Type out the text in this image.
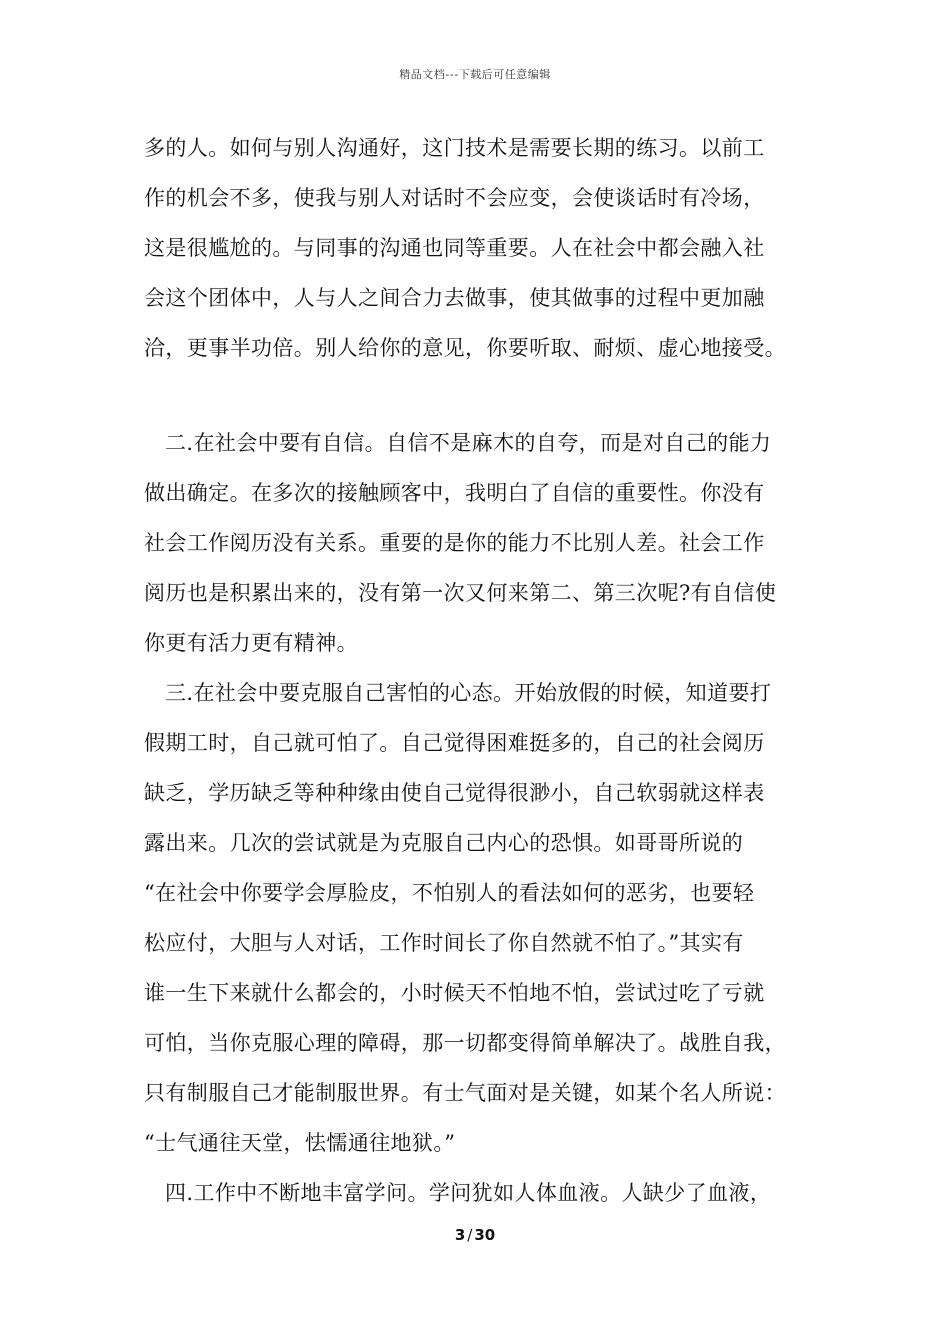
精品文档---下载后可任意编辑
多的人。如何与别人沟通好，这门技术是需要长期的练习。以前工
作的机会不多，使我与别人对话时不会应变，会使谈话时有冷场，
这是很尴尬的。与同事的沟通也同等重要。人在社会中都会融入社
会这个团体中，人与人之间合力去做事，使其做事的过程中更加融
洽，更事半功倍。别人给你的意见，你要听取、耐烦、虚心地接受。
二.在社会中要有自信。自信不是麻木的自夸，而是对自己的能力
做出确定。在多次的接触顾客中，我明白了自信的重要性。你没有
社会工作阅历没有关系。重要的是你的能力不比别人差。社会工作
阅历也是积累出来的，没有第一次又何来第二、第三次呢?有自信使
你更有活力更有精神。
三.在社会中要克服自己害怕的心态。开始放假的时候，知道要打
假期工时，自己就可怕了。自己觉得困难挺多的，自己的社会阅历
缺乏，学历缺乏等种种缘由使自己觉得很渺小，自己软弱就这样表
露出来。几次的尝试就是为克服自己内心的恐惧。如哥哥所说的
“在社会中你要学会厚脸皮，不怕别人的看法如何的恶劣，也要轻
松应付，大胆与人对话，工作时间长了你自然就不怕了。”其实有
谁一生下来就什么都会的，小时候天不怕地不怕，尝试过吃了亏就
可怕，当你克服心理的障碍，那一切都变得简单解决了。战胜自我，
只有制服自己才能制服世界。有士气面对是关键，如某个名人所说：
“士气通往天堂，怯懦通往地狱。”
四.工作中不断地丰富学问。学问犹如人体血液。人缺少了血液，
3 / 30
